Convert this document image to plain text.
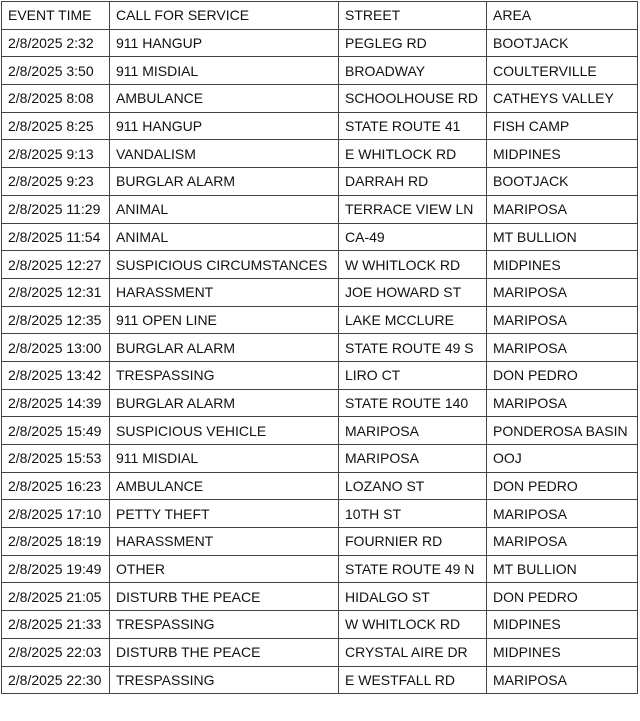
EVENT TIME	CALL FOR SERVICE	STREET	AREA
2/8/2025 2:32	911 HANGUP	PEGLEG RD	BOOTJACK
2/8/2025 3:50	911 MISDIAL	BROADWAY	COULTERVILLE
2/8/2025 8:08	AMBULANCE	SCHOOLHOUSE RD	CATHEYS VALLEY
2/8/2025 8:25	911 HANGUP	STATE ROUTE 41	FISH CAMP
2/8/2025 9:13	VANDALISM	E WHITLOCK RD	MIDPINES
2/8/2025 9:23	BURGLAR ALARM	DARRAH RD	BOOTJACK
2/8/2025 11:29	ANIMAL	TERRACE VIEW LN	MARIPOSA
2/8/2025 11:54	ANIMAL	CA-49	MT BULLION
2/8/2025 12:27	SUSPICIOUS CIRCUMSTANCES	W WHITLOCK RD	MIDPINES
2/8/2025 12:31	HARASSMENT	JOE HOWARD ST	MARIPOSA
2/8/2025 12:35	911 OPEN LINE	LAKE MCCLURE	MARIPOSA
2/8/2025 13:00	BURGLAR ALARM	STATE ROUTE 49 S	MARIPOSA
2/8/2025 13:42	TRESPASSING	LIRO CT	DON PEDRO
2/8/2025 14:39	BURGLAR ALARM	STATE ROUTE 140	MARIPOSA
2/8/2025 15:49	SUSPICIOUS VEHICLE	MARIPOSA	PONDEROSA BASIN
2/8/2025 15:53	911 MISDIAL	MARIPOSA	OOJ
2/8/2025 16:23	AMBULANCE	LOZANO ST	DON PEDRO
2/8/2025 17:10	PETTY THEFT	10TH ST	MARIPOSA
2/8/2025 18:19	HARASSMENT	FOURNIER RD	MARIPOSA
2/8/2025 19:49	OTHER	STATE ROUTE 49 N	MT BULLION
2/8/2025 21:05	DISTURB THE PEACE	HIDALGO ST	DON PEDRO
2/8/2025 21:33	TRESPASSING	W WHITLOCK RD	MIDPINES
2/8/2025 22:03	DISTURB THE PEACE	CRYSTAL AIRE DR	MIDPINES
2/8/2025 22:30	TRESPASSING	E WESTFALL RD	MARIPOSA
